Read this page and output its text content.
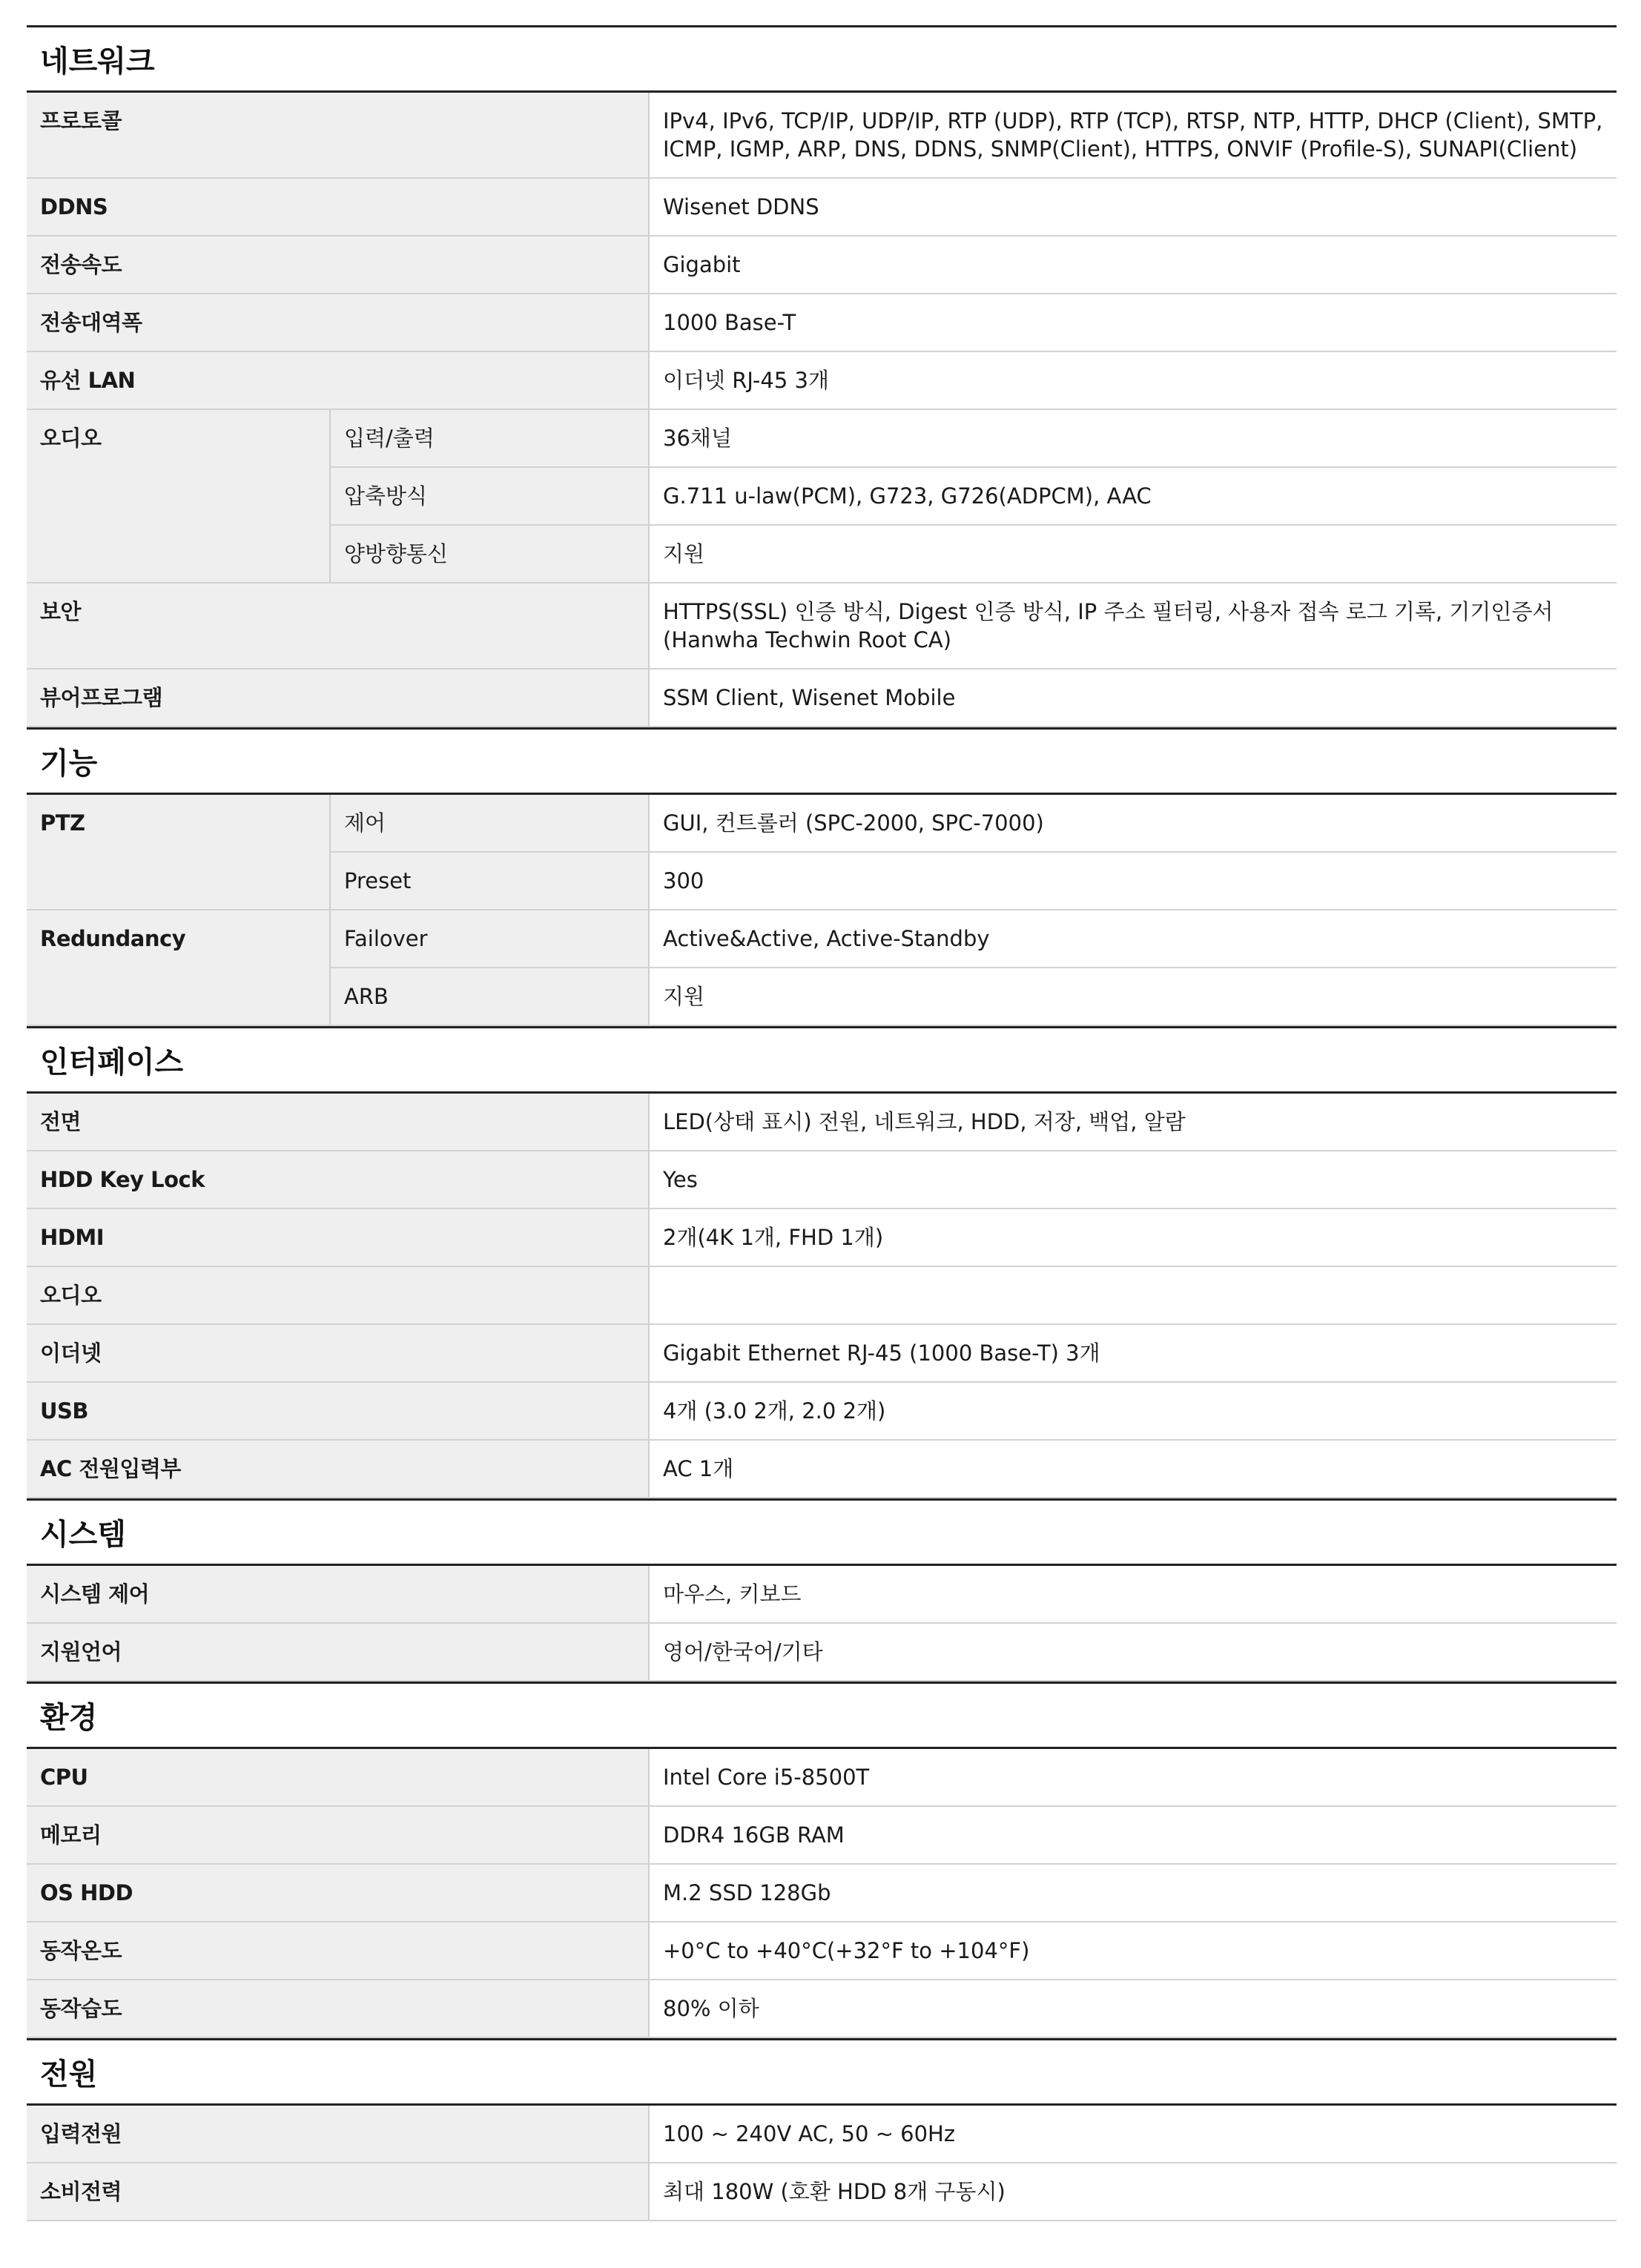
네트워크
프로토콜		IPv4, IPv6, TCP/IP, UDP/IP, RTP (UDP), RTP (TCP), RTSP, NTP, HTTP, DHCP (Client), SMTP, ICMP, IGMP, ARP, DNS, DDNS, SNMP(Client), HTTPS, ONVIF (Profile-S), SUNAPI(Client)
DDNS		Wisenet DDNS
전송속도		Gigabit
전송대역폭		1000 Base-T
유선 LAN		이더넷 RJ-45 3개
오디오	입력/출력	36채널
	압축방식	G.711 u-law(PCM), G723, G726(ADPCM), AAC
	양방향통신	지원
보안		HTTPS(SSL) 인증 방식, Digest 인증 방식, IP 주소 필터링, 사용자 접속 로그 기록, 기기인증서 (Hanwha Techwin Root CA)
뷰어프로그램		SSM Client, Wisenet Mobile
기능
PTZ	제어	GUI, 컨트롤러 (SPC-2000, SPC-7000)
	Preset	300
Redundancy	Failover	Active&Active, Active-Standby
	ARB	지원
인터페이스
전면	LED(상태 표시) 전원, 네트워크, HDD, 저장, 백업, 알람
HDD Key Lock	Yes
HDMI	2개(4K 1개, FHD 1개)
오디오	
이더넷	Gigabit Ethernet RJ-45 (1000 Base-T) 3개
USB	4개 (3.0 2개, 2.0 2개)
AC 전원입력부	AC 1개
시스템
시스템 제어	마우스, 키보드
지원언어	영어/한국어/기타
환경
CPU	Intel Core i5-8500T
메모리	DDR4 16GB RAM
OS HDD	M.2 SSD 128Gb
동작온도	+0°C to +40°C(+32°F to +104°F)
동작습도	80% 이하
전원
입력전원	100 ~ 240V AC, 50 ~ 60Hz
소비전력	최대 180W (호환 HDD 8개 구동시)
